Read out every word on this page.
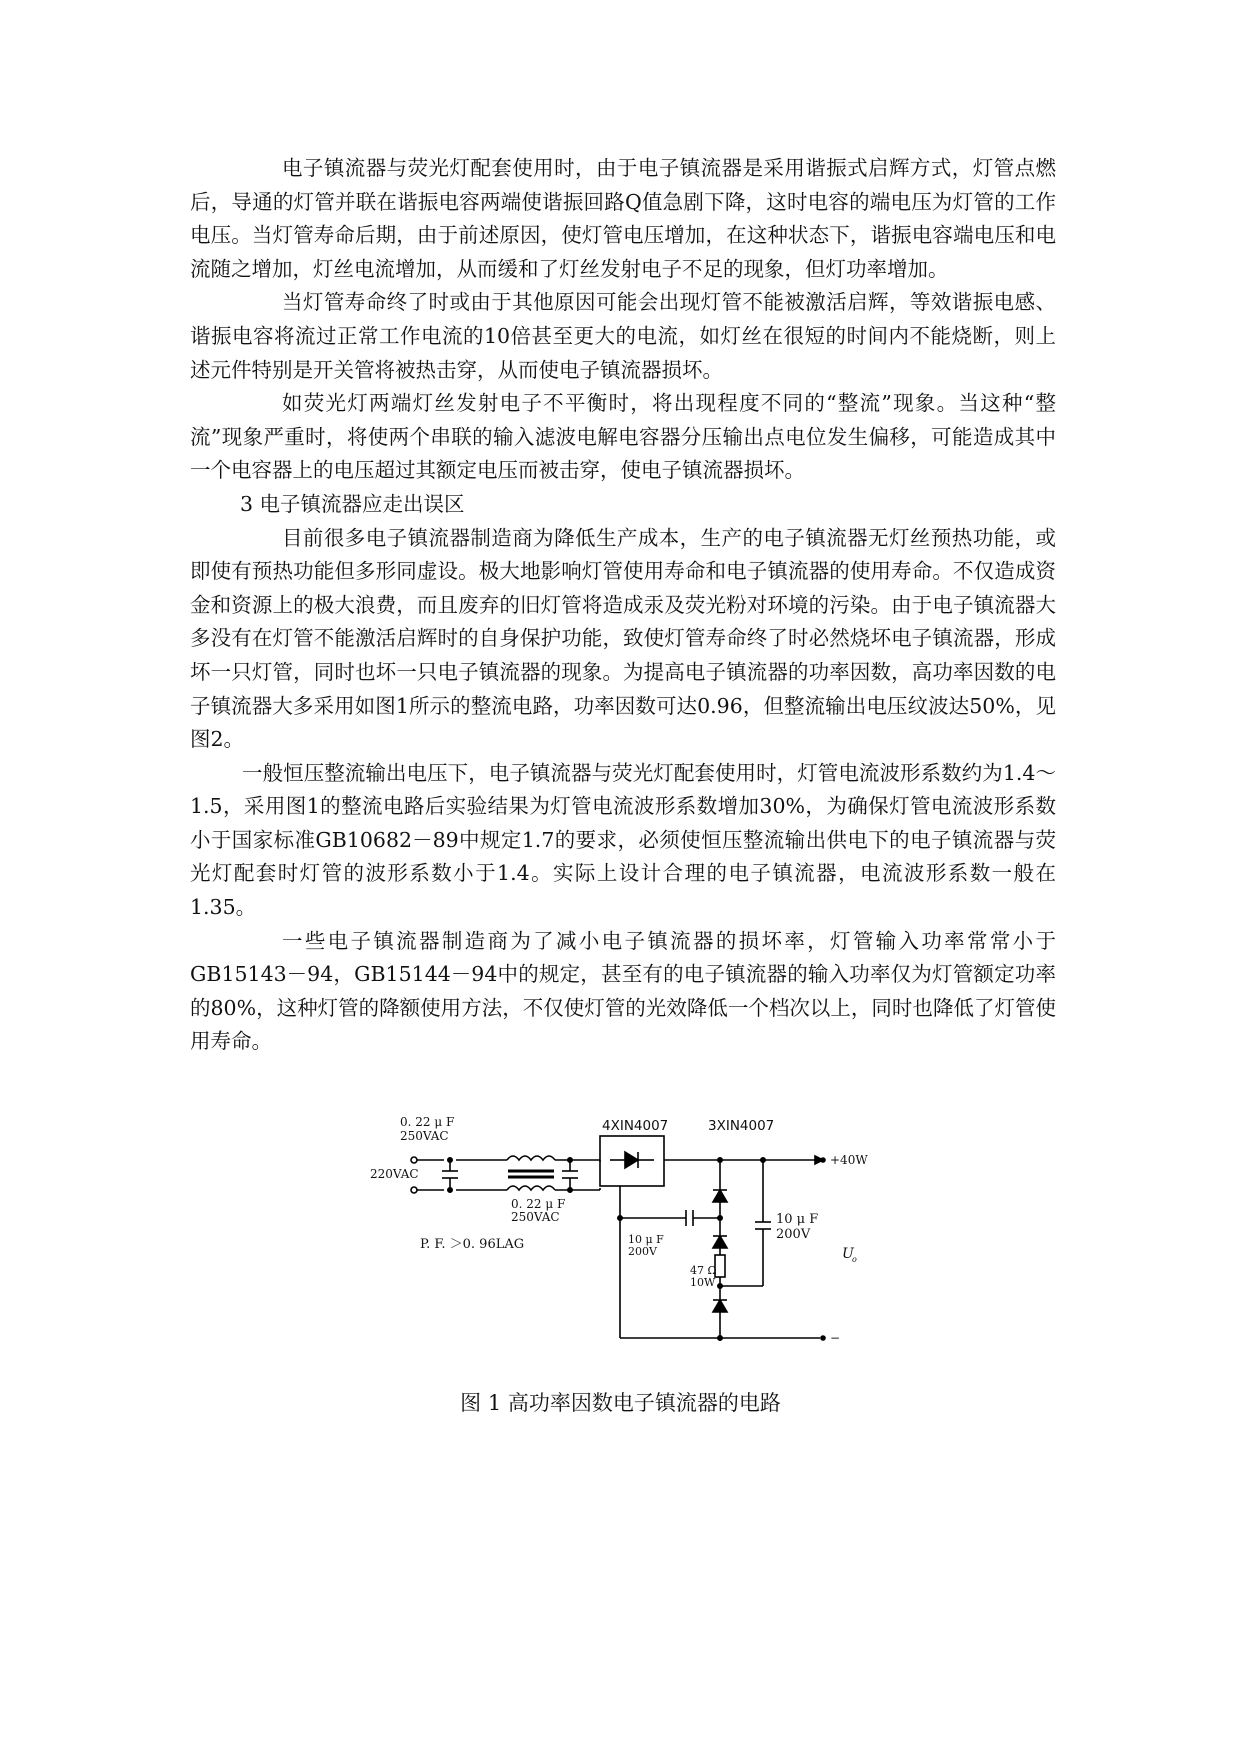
电子镇流器与荧光灯配套使用时，由于电子镇流器是采用谐振式启辉方式，灯管点燃后，导通的灯管并联在谐振电容两端使谐振回路Q值急剧下降，这时电容的端电压为灯管的工作电压。当灯管寿命后期，由于前述原因，使灯管电压增加，在这种状态下，谐振电容端电压和电流随之增加，灯丝电流增加，从而缓和了灯丝发射电子不足的现象，但灯功率增加。

当灯管寿命终了时或由于其他原因可能会出现灯管不能被激活启辉，等效谐振电感、谐振电容将流过正常工作电流的10倍甚至更大的电流，如灯丝在很短的时间内不能烧断，则上述元件特别是开关管将被热击穿，从而使电子镇流器损坏。

如荧光灯两端灯丝发射电子不平衡时，将出现程度不同的“整流”现象。当这种“整流”现象严重时，将使两个串联的输入滤波电解电容器分压输出点电位发生偏移，可能造成其中一个电容器上的电压超过其额定电压而被击穿，使电子镇流器损坏。

3 电子镇流器应走出误区

目前很多电子镇流器制造商为降低生产成本，生产的电子镇流器无灯丝预热功能，或即使有预热功能但多形同虚设。极大地影响灯管使用寿命和电子镇流器的使用寿命。不仅造成资金和资源上的极大浪费，而且废弃的旧灯管将造成汞及荧光粉对环境的污染。由于电子镇流器大多没有在灯管不能激活启辉时的自身保护功能，致使灯管寿命终了时必然烧坏电子镇流器，形成坏一只灯管，同时也坏一只电子镇流器的现象。为提高电子镇流器的功率因数，高功率因数的电子镇流器大多采用如图1所示的整流电路，功率因数可达0.96，但整流输出电压纹波达50%，见图2。

一般恒压整流输出电压下，电子镇流器与荧光灯配套使用时，灯管电流波形系数约为1.4～1.5，采用图1的整流电路后实验结果为灯管电流波形系数增加30%，为确保灯管电流波形系数小于国家标准GB10682－89中规定1.7的要求，必须使恒压整流输出供电下的电子镇流器与荧光灯配套时灯管的波形系数小于1.4。实际上设计合理的电子镇流器，电流波形系数一般在1.35。

一些电子镇流器制造商为了减小电子镇流器的损坏率，灯管输入功率常常小于GB15143－94，GB15144－94中的规定，甚至有的电子镇流器的输入功率仅为灯管额定功率的80%，这种灯管的降额使用方法，不仅使灯管的光效降低一个档次以上，同时也降低了灯管使用寿命。

0. 22 μ F
250VAC
220VAC
0. 22 μ F
250VAC
4XIN4007	3XIN4007
+40W
−
10 μ F
200V
47 Ω
10W
10 μ F
200V
U
o
P. F. ＞0. 96LAG
图 1 高功率因数电子镇流器的电路
